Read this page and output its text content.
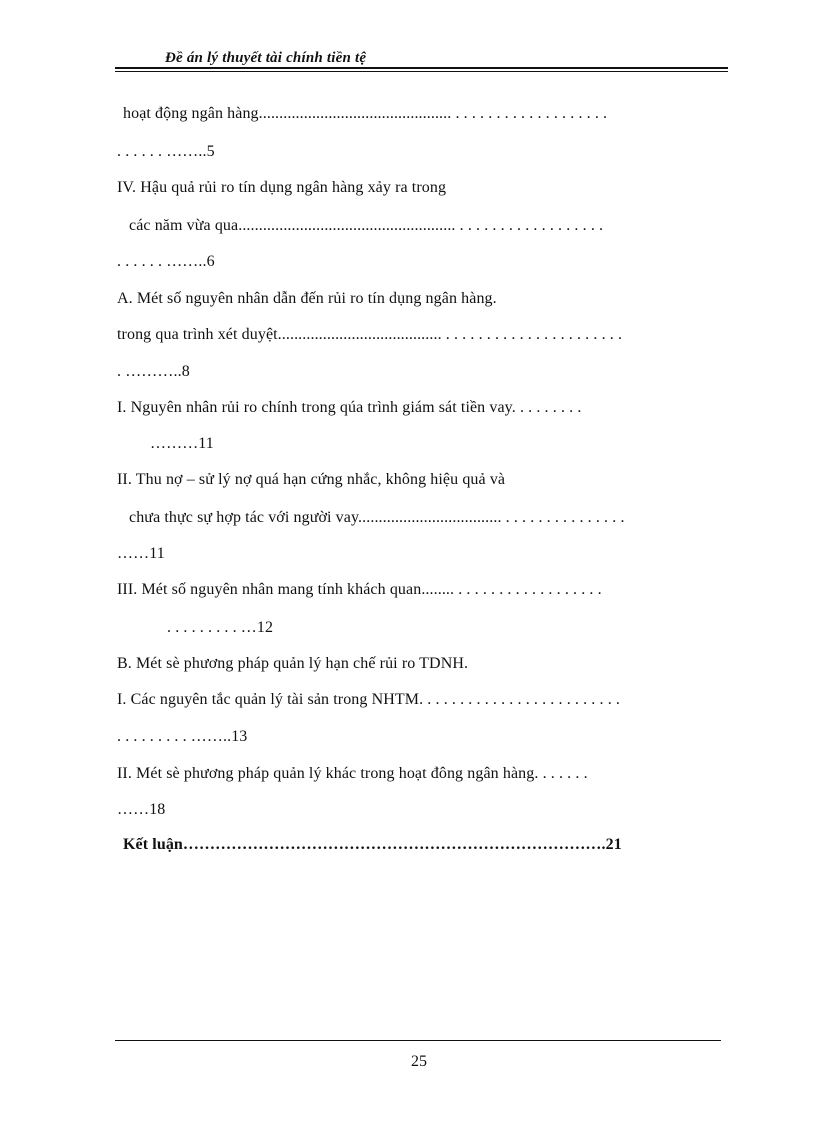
Đề án lý thuyết tài chính tiền tệ
hoạt động ngân hàng............................................... . . . . . . . . . . . . . . . . . . .
. . . . . . ……..5
IV. Hậu quả rủi ro tín dụng ngân hàng xảy ra trong
các năm vừa qua..................................................... . . . . . . . . . . . . . . . . . .
. . . . . . ……..6
A. Mét số nguyên nhân dẫn đến rủi ro tín dụng ngân hàng.
trong qua trình xét duyệt........................................ . . . . . . . . . . . . . . . . . . . . . .
. ………..8
I. Nguyên nhân rủi ro chính trong qúa trình giám sát tiền vay. . . . . . . . .
………11
II. Thu nợ – sử lý nợ quá hạn cứng nhắc, không hiệu quả và
chưa thực sự hợp tác với người vay................................... . . . . . . . . . . . . . . .
……11
III. Mét số nguyên nhân mang tính khách quan........ . . . . . . . . . . . . . . . . . .
. . . . . . . . . …12
B. Mét sè phương pháp quản lý hạn chế rủi ro TDNH.
I. Các nguyên tắc quản lý tài sản trong NHTM. . . . . . . . . . . . . . . . . . . . . . . . .
. . . . . . . . . ……..13
II. Mét sè phương pháp quản lý khác trong hoạt đông ngân hàng. . . . . . .
……18
Kết luận…………………………………………………………………….21
25
